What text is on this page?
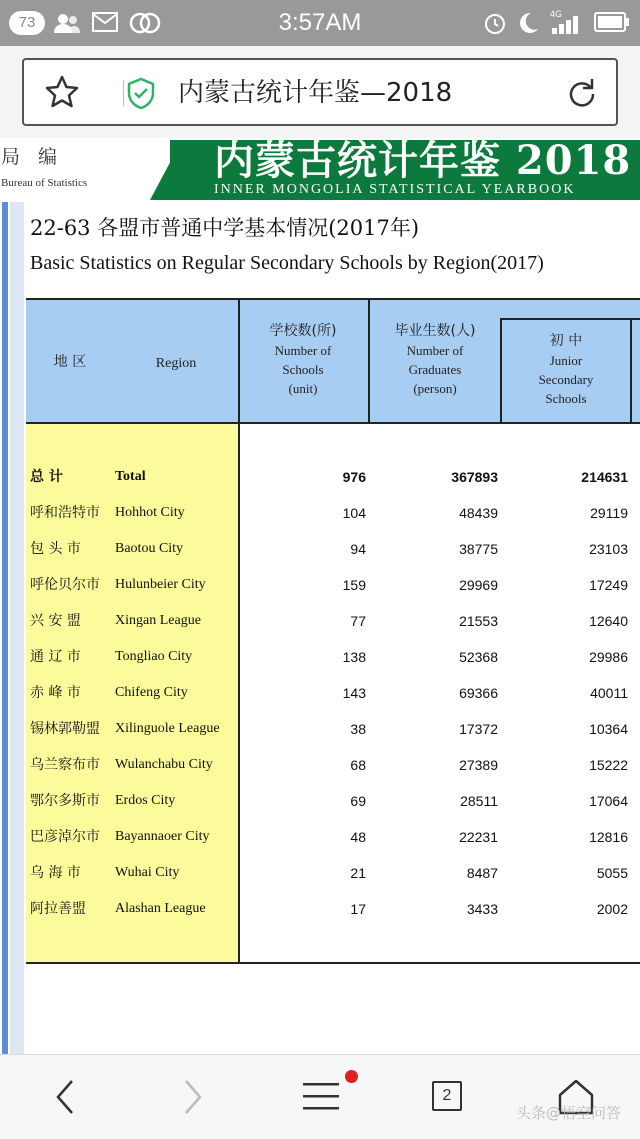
73	3:57AM	4G
内蒙古统计年鉴—2018
局编
Bureau of Statistics	内蒙古统计年鉴 2018
INNER MONGOLIA STATISTICAL YEARBOOK
22-63 各盟市普通中学基本情况(2017年)
Basic Statistics on Regular Secondary Schools by Region(2017)
地 区	Region
学校数(所)
Number of
Schools
(unit)
毕业生数(人)
Number of
Graduates
(person)
初 中
Junior
Secondary
Schools
总 计	Total	976	367893	214631
呼和浩特市 Hohhot City	104	48439	29119
包 头 市 Baotou City	94	38775	23103
呼伦贝尔市 Hulunbeier City	159	29969	17249
兴 安 盟 Xingan League	77	21553	12640
通 辽 市 Tongliao City	138	52368	29986
赤 峰 市 Chifeng City	143	69366	40011
锡林郭勒盟 Xilinguole League	38	17372	10364
乌兰察布市 Wulanchabu City	68	27389	15222
鄂尔多斯市 Erdos City	69	28511	17064
巴彦淖尔市 Bayannaoer City	48	22231	12816
乌 海 市 Wuhai City	21	8487	5055
阿拉善盟 Alashan League	17	3433	2002
2
头条@悟空问答
